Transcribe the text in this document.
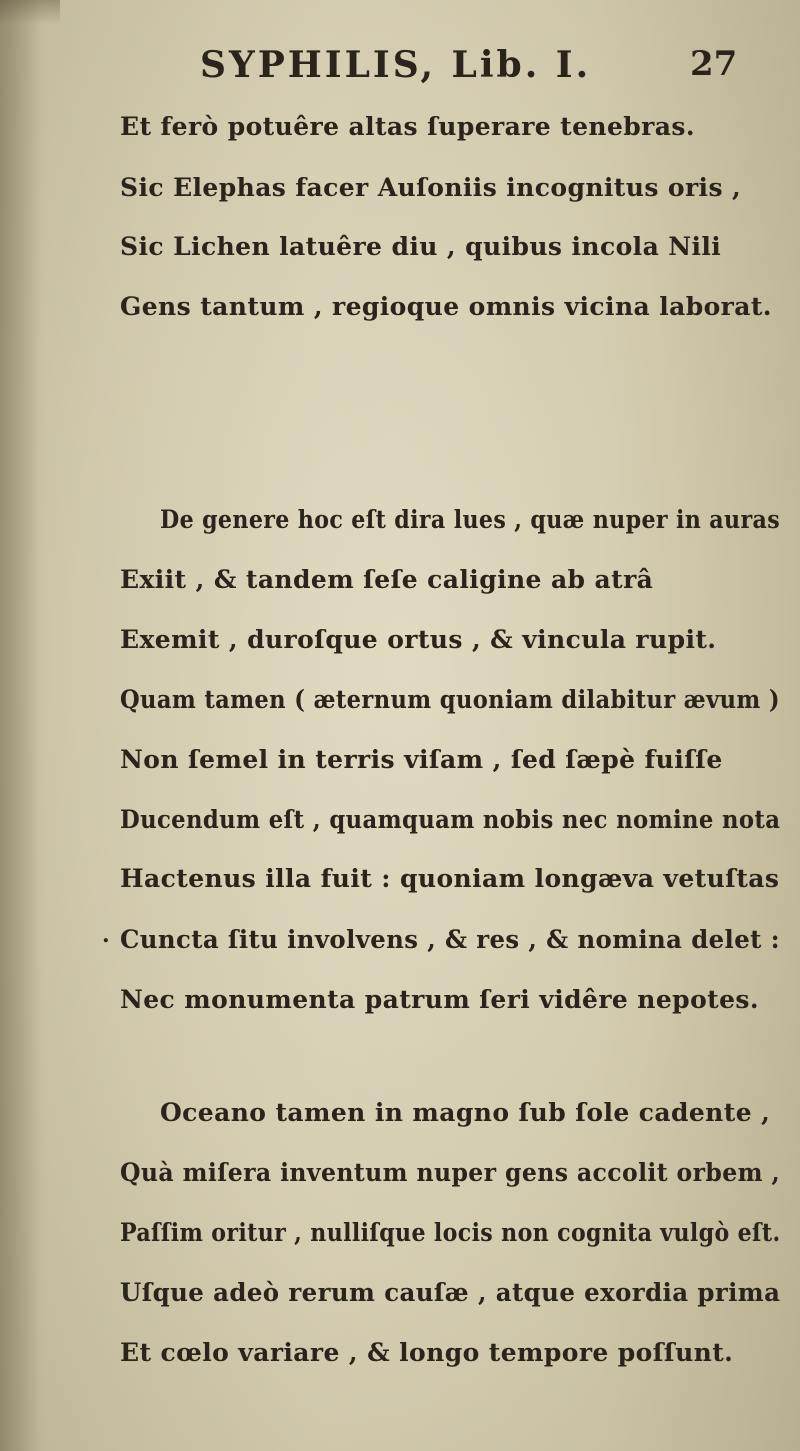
SYPHILIS, Lib. I.	27
Et ferò potuêre altas ſuperare tenebras.
Sic Elephas facer Auſoniis incognitus oris ,
Sic Lichen latuêre diu , quibus incola Nili
Gens tantum , regioque omnis vicina laborat.
De genere hoc eſt dira lues , quæ nuper in auras
Exiit , & tandem ſeſe caligine ab atrâ
Exemit , duroſque ortus , & vincula rupit.
Quam tamen ( æternum quoniam dilabitur ævum )
Non ſemel in terris viſam , ſed ſæpè fuiſſe
Ducendum eſt , quamquam nobis nec nomine nota
Hactenus illa fuit : quoniam longæva vetuſtas
. Cuncta ſitu involvens , & res , & nomina delet :
Nec monumenta patrum ſeri vidêre nepotes.
Oceano tamen in magno ſub ſole cadente ,
Quà miſera inventum nuper gens accolit orbem ,
Paſſim oritur , nulliſque locis non cognita vulgò eſt.
Uſque adeò rerum cauſæ , atque exordia prima
Et cœlo variare , & longo tempore poſſunt.
